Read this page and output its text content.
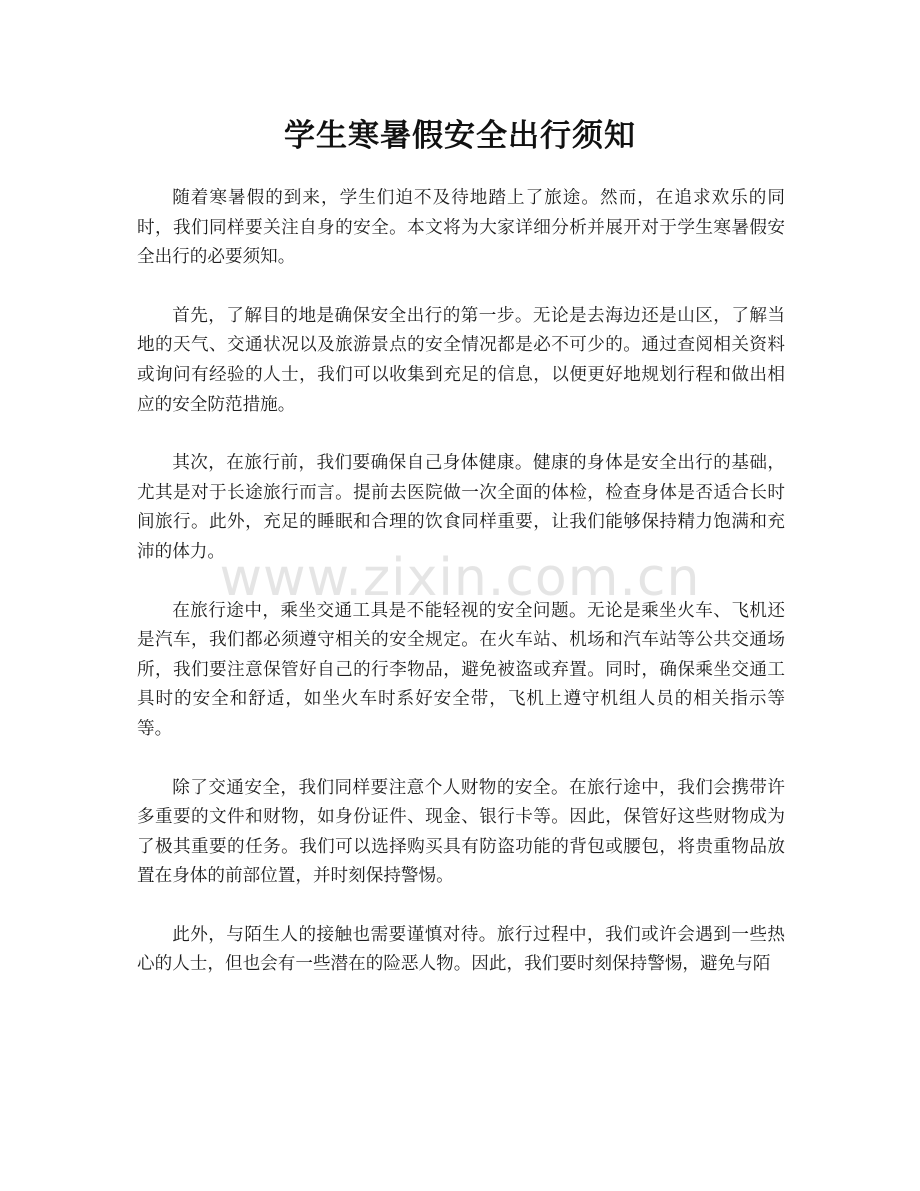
学生寒暑假安全出行须知

随着寒暑假的到来，学生们迫不及待地踏上了旅途。然而，在追求欢乐的同时，我们同样要关注自身的安全。本文将为大家详细分析并展开对于学生寒暑假安全出行的必要须知。

首先，了解目的地是确保安全出行的第一步。无论是去海边还是山区，了解当地的天气、交通状况以及旅游景点的安全情况都是必不可少的。通过查阅相关资料或询问有经验的人士，我们可以收集到充足的信息，以便更好地规划行程和做出相应的安全防范措施。

其次，在旅行前，我们要确保自己身体健康。健康的身体是安全出行的基础，尤其是对于长途旅行而言。提前去医院做一次全面的体检，检查身体是否适合长时间旅行。此外，充足的睡眠和合理的饮食同样重要，让我们能够保持精力饱满和充沛的体力。

在旅行途中，乘坐交通工具是不能轻视的安全问题。无论是乘坐火车、飞机还是汽车，我们都必须遵守相关的安全规定。在火车站、机场和汽车站等公共交通场所，我们要注意保管好自己的行李物品，避免被盗或弃置。同时，确保乘坐交通工具时的安全和舒适，如坐火车时系好安全带，飞机上遵守机组人员的相关指示等等。

除了交通安全，我们同样要注意个人财物的安全。在旅行途中，我们会携带许多重要的文件和财物，如身份证件、现金、银行卡等。因此，保管好这些财物成为了极其重要的任务。我们可以选择购买具有防盗功能的背包或腰包，将贵重物品放置在身体的前部位置，并时刻保持警惕。

此外，与陌生人的接触也需要谨慎对待。旅行过程中，我们或许会遇到一些热心的人士，但也会有一些潜在的险恶人物。因此，我们要时刻保持警惕，避免与陌

www.zixin.com.cn
